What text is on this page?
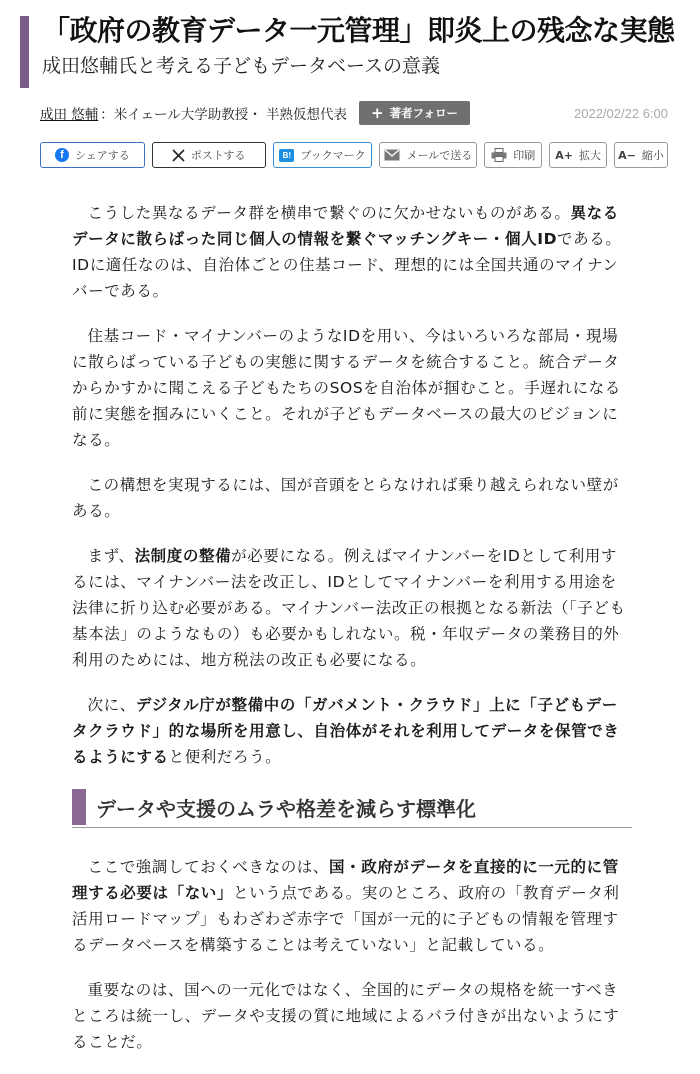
「政府の教育データ一元管理」即炎上の残念な実態
成田悠輔氏と考える子どもデータベースの意義
成田 悠輔 ：米イェール大学助教授・ 半熟仮想代表 + 著者フォロー	2022/02/22 6:00
f	シェアする	ポストする	B! ブックマーク	メールで送る	印刷 A+ 拡大 A− 縮小

こうした異なるデータ群を横串で繋ぐのに欠かせないものがある。異なるデータに散らばった同じ個人の情報を繋ぐマッチングキー・個人IDである。IDに適任なのは、自治体ごとの住基コード、理想的には全国共通のマイナンバーである。

住基コード・マイナンバーのようなIDを用い、今はいろいろな部局・現場に散らばっている子どもの実態に関するデータを統合すること。統合データからかすかに聞こえる子どもたちのSOSを自治体が掴むこと。手遅れになる前に実態を掴みにいくこと。それが子どもデータベースの最大のビジョンになる。

この構想を実現するには、国が音頭をとらなければ乗り越えられない壁がある。

まず、法制度の整備が必要になる。例えばマイナンバーをIDとして利用するには、マイナンバー法を改正し、IDとしてマイナンバーを利用する用途を法律に折り込む必要がある。マイナンバー法改正の根拠となる新法（「子ども基本法」のようなもの）も必要かもしれない。税・年収データの業務目的外利用のためには、地方税法の改正も必要になる。

次に、デジタル庁が整備中の「ガバメント・クラウド」上に「子どもデータクラウド」的な場所を用意し、自治体がそれを利用してデータを保管できるようにすると便利だろう。

データや支援のムラや格差を減らす標準化

ここで強調しておくべきなのは、国・政府がデータを直接的に一元的に管理する必要は「ない」という点である。実のところ、政府の「教育データ利活用ロードマップ」もわざわざ赤字で「国が一元的に子どもの情報を管理するデータベースを構築することは考えていない」と記載している。

重要なのは、国への一元化ではなく、全国的にデータの規格を統一すべきところは統一し、データや支援の質に地域によるバラ付きが出ないようにすることだ。
